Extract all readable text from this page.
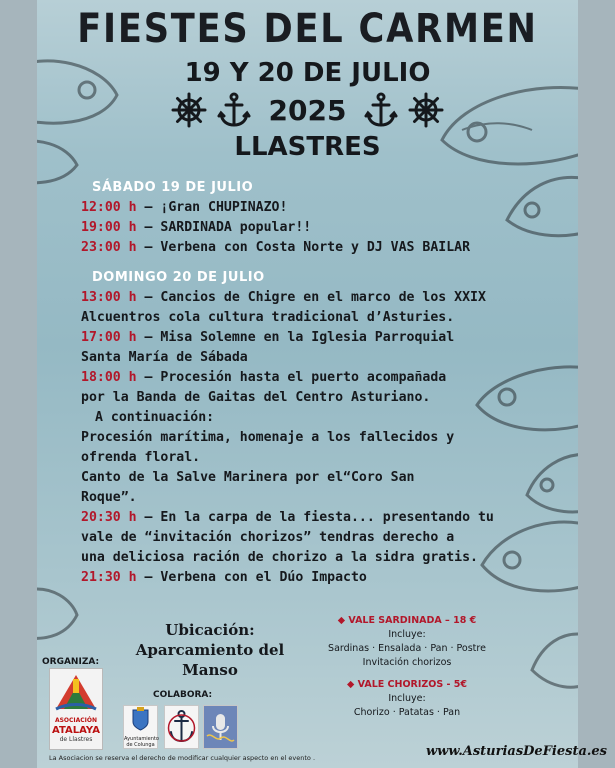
FIESTES DEL CARMEN
19 Y 20 DE JULIO
2025
LLASTRES
SÁBADO 19 DE JULIO
12:00 h – ¡Gran CHUPINAZO!
19:00 h – SARDINADA popular!!
23:00 h – Verbena con Costa Norte y DJ VAS BAILAR
DOMINGO 20 DE JULIO
13:00 h – Cancios de Chigre en el marco de los XXIX
Alcuentros cola cultura tradicional d’Asturies.
17:00 h – Misa Solemne en la Iglesia Parroquial
Santa María de Sábada
18:00 h – Procesión hasta el puerto acompañada
por la Banda de Gaitas del Centro Asturiano.
A continuación:
Procesión marítima, homenaje a los fallecidos y
ofrenda floral.
Canto de la Salve Marinera por el“Coro San
Roque”.
20:30 h – En la carpa de la fiesta... presentando tu
vale de “invitación chorizos” tendras derecho a
una deliciosa ración de chorizo a la sidra gratis.
21:30 h – Verbena con el Dúo Impacto
Ubicación:
Aparcamiento del
Manso
◆ VALE SARDINADA – 18 €
Incluye:
Sardinas · Ensalada · Pan · Postre
Invitación chorizos
◆ VALE CHORIZOS - 5€
Incluye:
Chorizo · Patatas · Pan
ORGANIZA:
ASOCIACIÓN
ATALAYA
de Llastres
COLABORA:
Ayuntamiento
de Colunga
La Asociacion se reserva el derecho de modificar cualquier aspecto en el evento .	www.AsturiasDeFiesta.es
